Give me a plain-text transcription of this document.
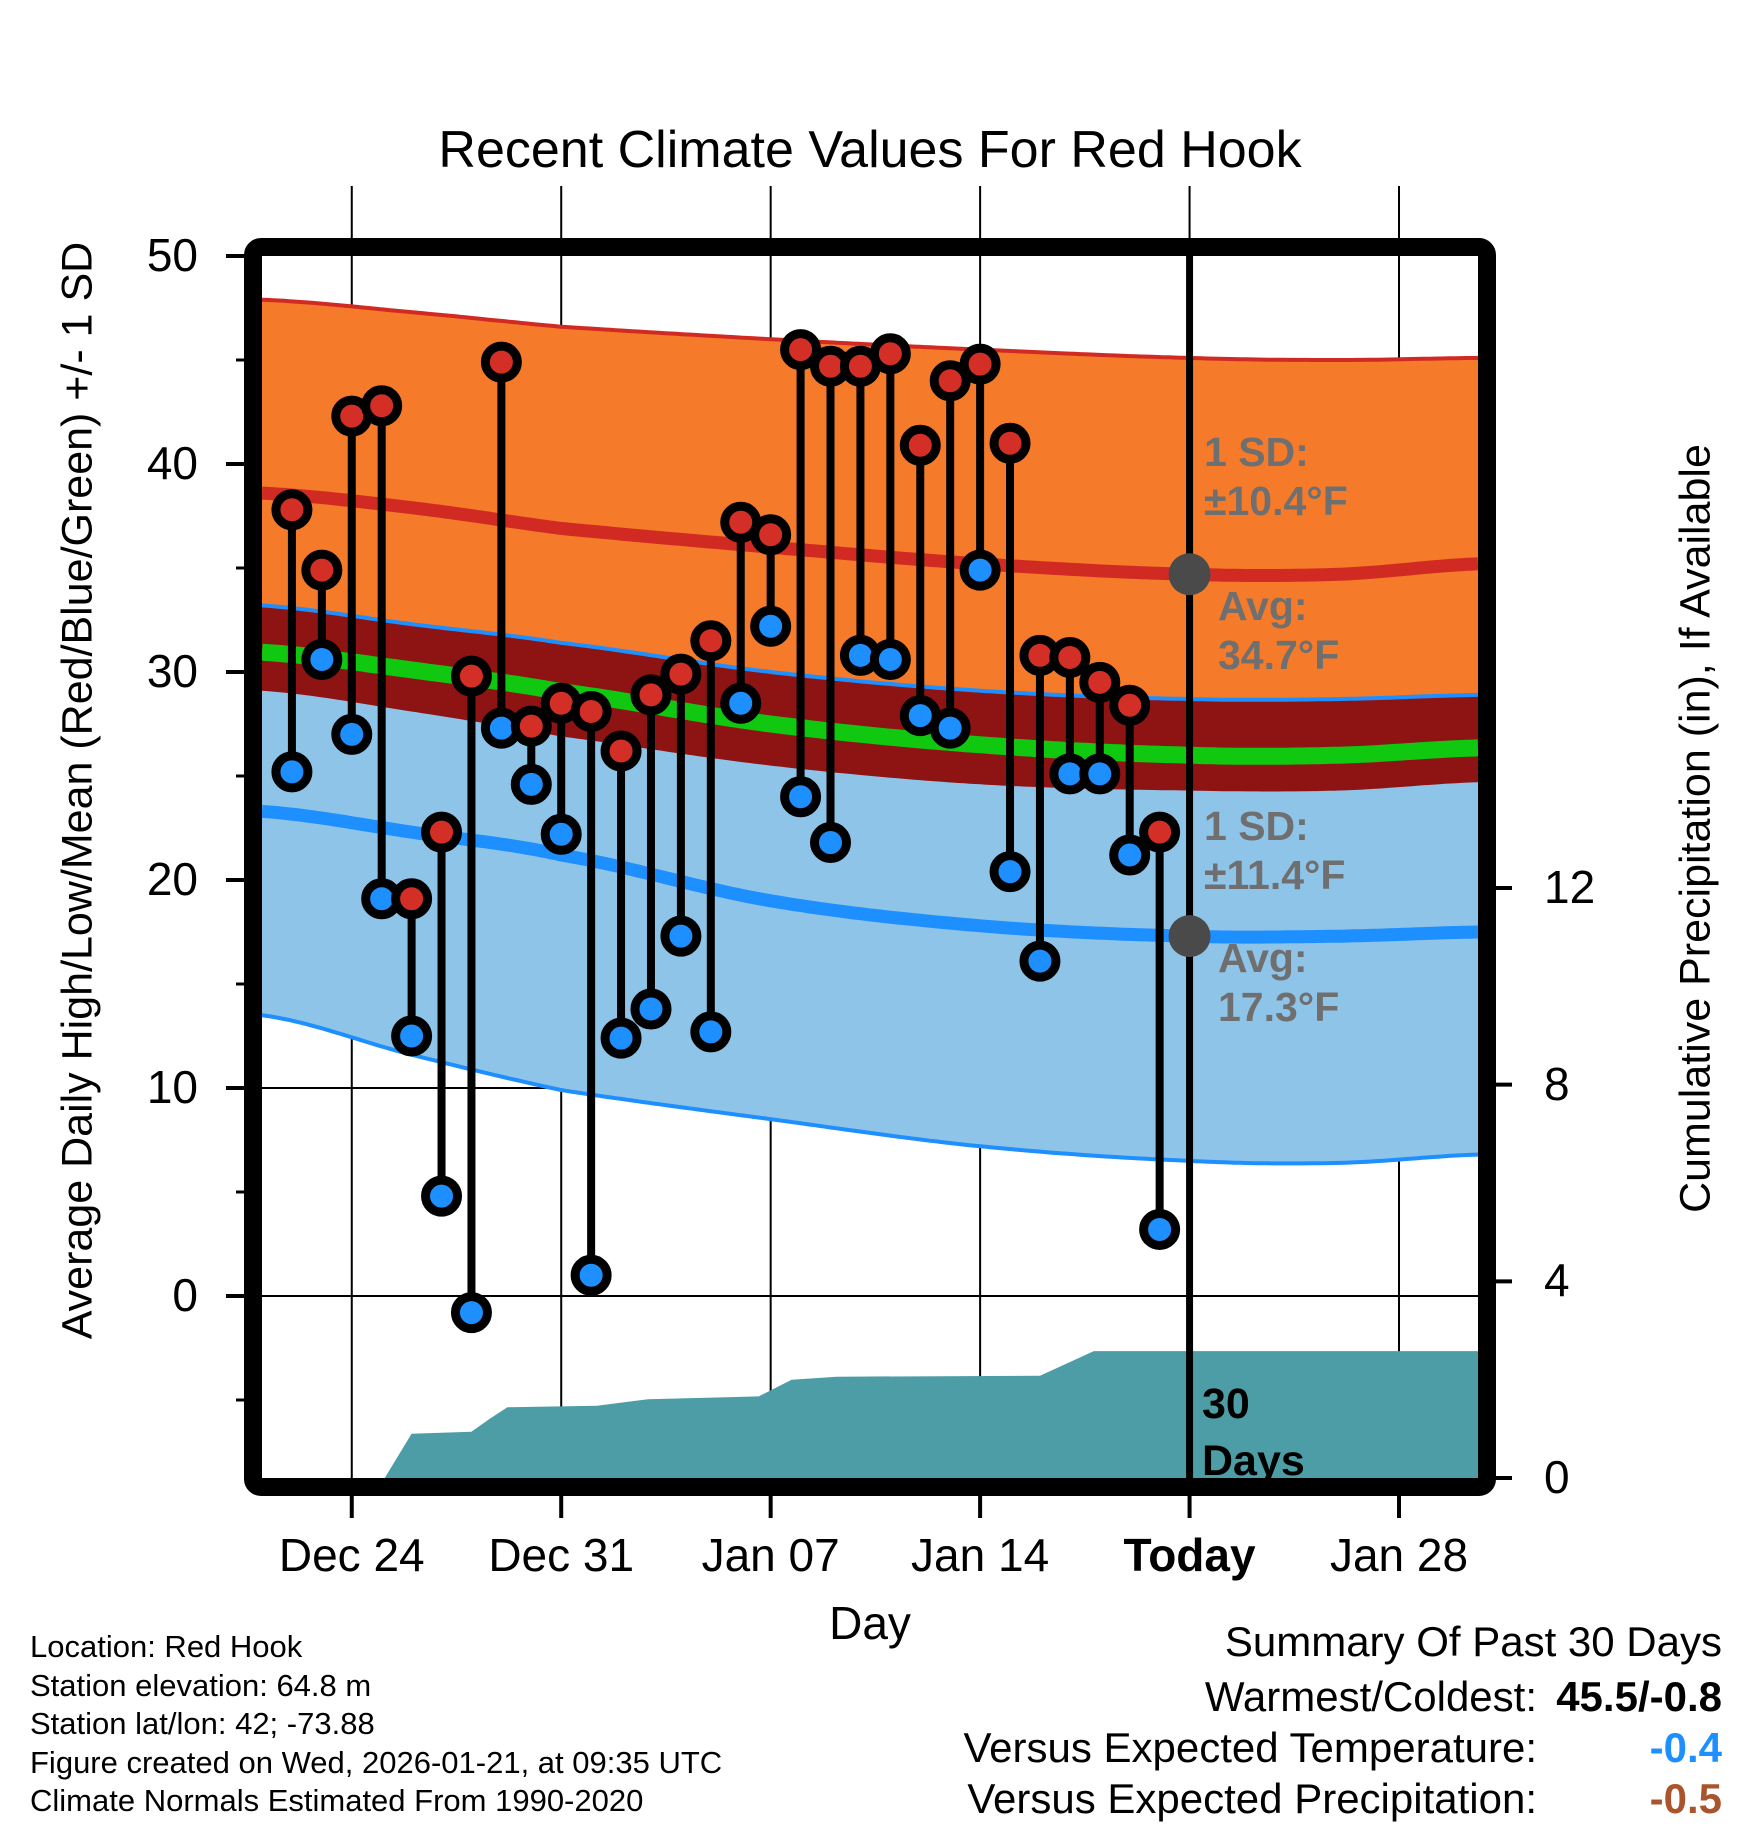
Recent Climate Values For Red Hook
Average Daily High/Low/Mean (Red/Blue/Green) +/- 1 SD	Cumulative Precipitation (in), If Available
Day
0
10
20
30
40
50
0
4
8
12
Dec 24	Dec 31	Jan 07	Jan 14	Today	Jan 28
1 SD:
±10.4°F
Avg:
34.7°F
1 SD:
±11.4°F
Avg:
17.3°F
30
Days
Location: Red Hook
Station elevation: 64.8 m
Station lat/lon: 42; -73.88
Figure created on Wed, 2026-01-21, at 09:35 UTC
Climate Normals Estimated From 1990-2020
Summary Of Past 30 Days
Warmest/Coldest: 45.5/-0.8
Versus Expected Temperature:	-0.4
Versus Expected Precipitation:	-0.5
